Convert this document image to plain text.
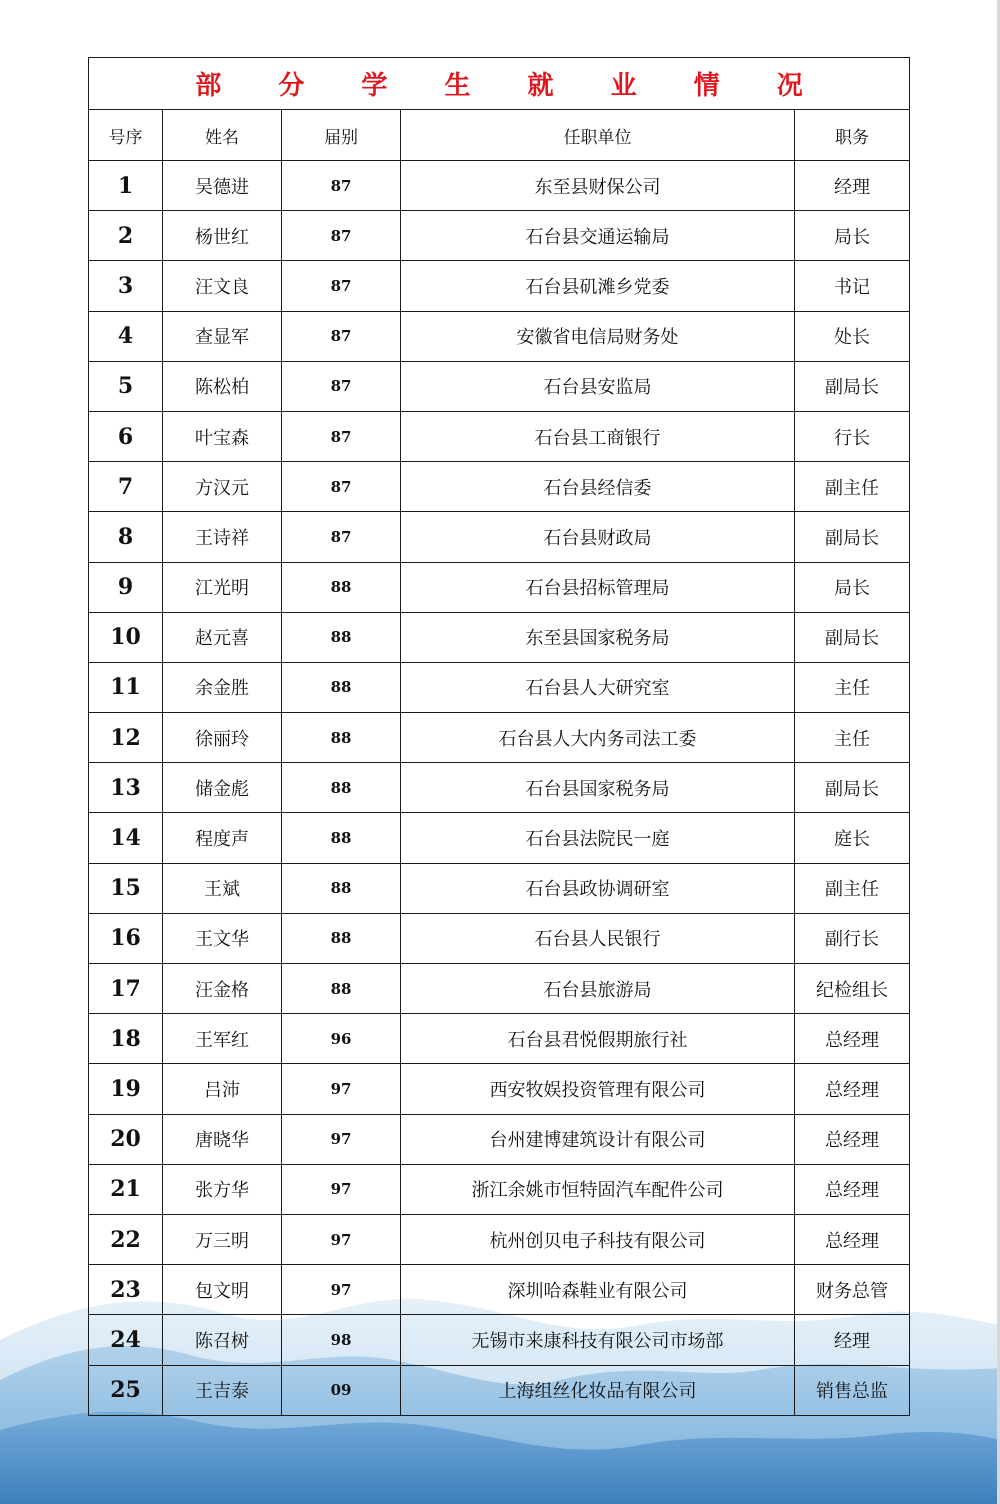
部 分 学 生 就 业 情 况				
号序	姓名	届别	任职单位	职务
1	吴德进	87	东至县财保公司	经理
2	杨世红	87	石台县交通运输局	局长
3	汪文良	87	石台县矶滩乡党委	书记
4	查显军	87	安徽省电信局财务处	处长
5	陈松柏	87	石台县安监局	副局长
6	叶宝森	87	石台县工商银行	行长
7	方汉元	87	石台县经信委	副主任
8	王诗祥	87	石台县财政局	副局长
9	江光明	88	石台县招标管理局	局长
10	赵元喜	88	东至县国家税务局	副局长
11	余金胜	88	石台县人大研究室	主任
12	徐丽玲	88	石台县人大内务司法工委	主任
13	储金彪	88	石台县国家税务局	副局长
14	程度声	88	石台县法院民一庭	庭长
15	王斌	88	石台县政协调研室	副主任
16	王文华	88	石台县人民银行	副行长
17	汪金格	88	石台县旅游局	纪检组长
18	王军红	96	石台县君悦假期旅行社	总经理
19	吕沛	97	西安牧娱投资管理有限公司	总经理
20	唐晓华	97	台州建博建筑设计有限公司	总经理
21	张方华	97	浙江余姚市恒特固汽车配件公司	总经理
22	万三明	97	杭州创贝电子科技有限公司	总经理
23	包文明	97	深圳哈森鞋业有限公司	财务总管
24	陈召树	98	无锡市来康科技有限公司市场部	经理
25	王吉泰	09	上海组丝化妆品有限公司	销售总监
